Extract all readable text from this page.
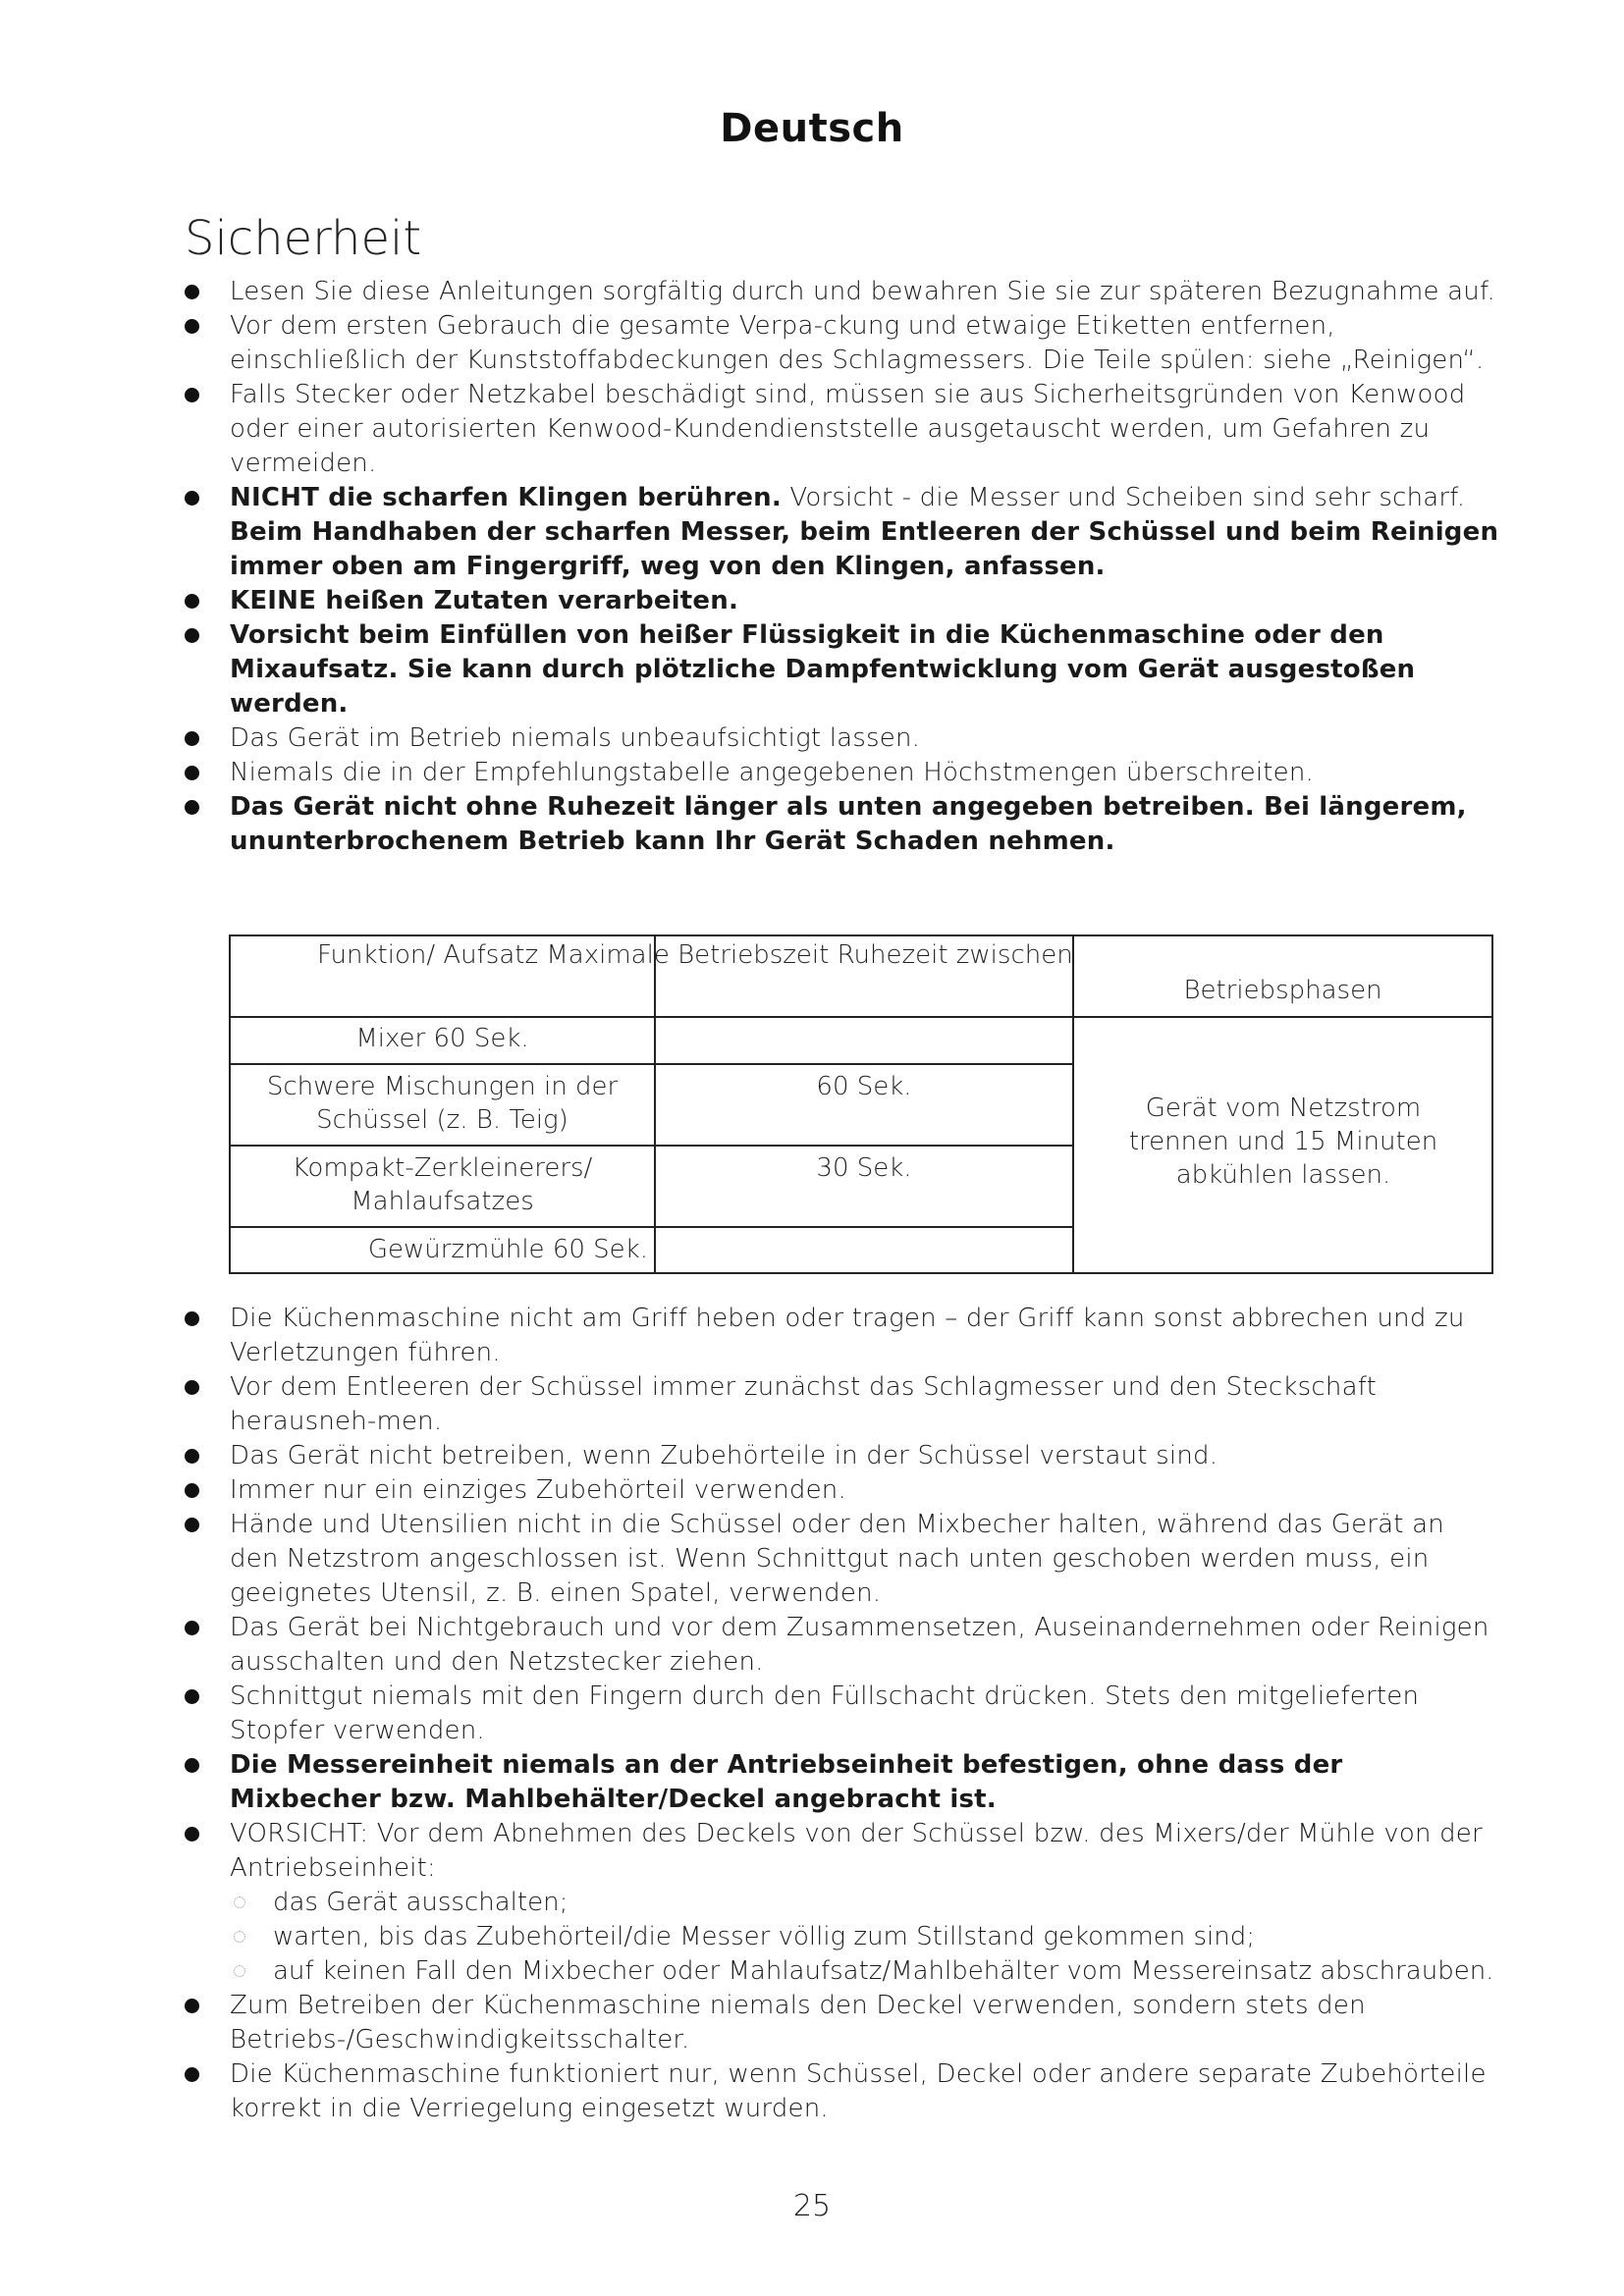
Deutsch
Sicherheit
Lesen Sie diese Anleitungen sorgfältig durch und bewahren Sie sie zur späteren Bezugnahme auf.
Vor dem ersten Gebrauch die gesamte Verpa-ckung und etwaige Etiketten entfernen, einschließlich der Kunststoffabdeckungen des Schlagmessers. Die Teile spülen: siehe „Reinigen“.
Falls Stecker oder Netzkabel beschädigt sind, müssen sie aus Sicherheitsgründen von Kenwood oder einer autorisierten Kenwood-Kundendienststelle ausgetauscht werden, um Gefahren zu vermeiden.
NICHT die scharfen Klingen berühren. Vorsicht - die Messer und Scheiben sind sehr scharf. Beim Handhaben der scharfen Messer, beim Entleeren der Schüssel und beim Reinigen immer oben am Fingergriff, weg von den Klingen, anfassen.
KEINE heißen Zutaten verarbeiten.
Vorsicht beim Einfüllen von heißer Flüssigkeit in die Küchenmaschine oder den Mixaufsatz. Sie kann durch plötzliche Dampfentwicklung vom Gerät ausgestoßen werden.
Das Gerät im Betrieb niemals unbeaufsichtigt lassen.
Niemals die in der Empfehlungstabelle angegebenen Höchstmengen überschreiten.
Das Gerät nicht ohne Ruhezeit länger als unten angegeben betreiben. Bei längerem, ununterbrochenem Betrieb kann Ihr Gerät Schaden nehmen.
Funktion/ Aufsatz Maximale Betriebszeit Ruhezeit zwischen
Betriebsphasen
Mixer 60 Sek.
Schwere Mischungen in der Schüssel (z. B. Teig)
60 Sek.
Kompakt-Zerkleinerers/ Mahlaufsatzes
30 Sek.
Gewürzmühle 60 Sek.
Gerät vom Netzstrom trennen und 15 Minuten abkühlen lassen.
Die Küchenmaschine nicht am Griff heben oder tragen – der Griff kann sonst abbrechen und zu Verletzungen führen.
Vor dem Entleeren der Schüssel immer zunächst das Schlagmesser und den Steckschaft herausneh-men.
Das Gerät nicht betreiben, wenn Zubehörteile in der Schüssel verstaut sind.
Immer nur ein einziges Zubehörteil verwenden.
Hände und Utensilien nicht in die Schüssel oder den Mixbecher halten, während das Gerät an den Netzstrom angeschlossen ist. Wenn Schnittgut nach unten geschoben werden muss, ein geeignetes Utensil, z. B. einen Spatel, verwenden.
Das Gerät bei Nichtgebrauch und vor dem Zusammensetzen, Auseinandernehmen oder Reinigen ausschalten und den Netzstecker ziehen.
Schnittgut niemals mit den Fingern durch den Füllschacht drücken. Stets den mitgelieferten Stopfer verwenden.
Die Messereinheit niemals an der Antriebseinheit befestigen, ohne dass der Mixbecher bzw. Mahlbehälter/Deckel angebracht ist.
VORSICHT: Vor dem Abnehmen des Deckels von der Schüssel bzw. des Mixers/der Mühle von der Antriebseinheit:
das Gerät ausschalten;
warten, bis das Zubehörteil/die Messer völlig zum Stillstand gekommen sind;
auf keinen Fall den Mixbecher oder Mahlaufsatz/Mahlbehälter vom Messereinsatz abschrauben.
Zum Betreiben der Küchenmaschine niemals den Deckel verwenden, sondern stets den Betriebs-/Geschwindigkeitsschalter.
Die Küchenmaschine funktioniert nur, wenn Schüssel, Deckel oder andere separate Zubehörteile korrekt in die Verriegelung eingesetzt wurden.
25
